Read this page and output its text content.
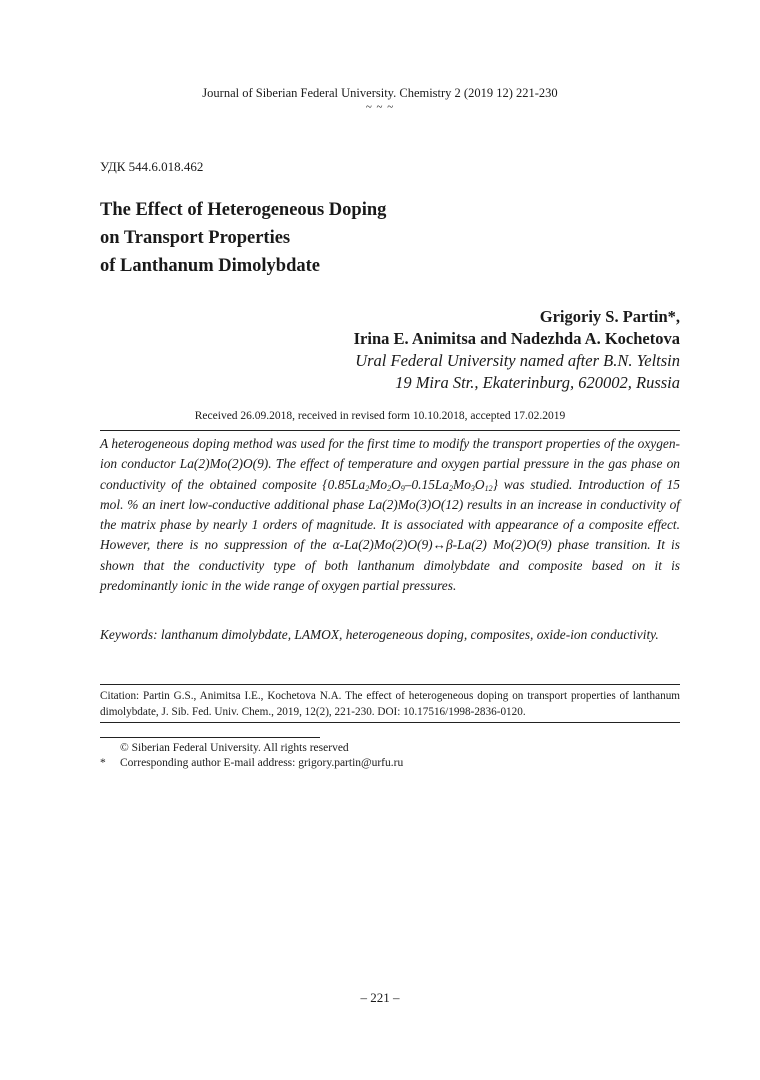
Journal of Siberian Federal University. Chemistry 2 (2019 12) 221-230
~ ~ ~
УДК 544.6.018.462
The Effect of Heterogeneous Doping
on Transport Properties
of Lanthanum Dimolybdate
Grigoriy S. Partin*,
Irina E. Animitsa and Nadezhda A. Kochetova
Ural Federal University named after B.N. Yeltsin
19 Mira Str., Ekaterinburg, 620002, Russia
Received 26.09.2018, received in revised form 10.10.2018, accepted 17.02.2019
A heterogeneous doping method was used for the first time to modify the transport properties of the oxygen-ion conductor La(2)Mo(2)O(9). The effect of temperature and oxygen partial pressure in the gas phase on conductivity of the obtained composite $\{0.85La_2Mo_2O_9-0.15La_2Mo_3O_{12}\}$ was studied. Introduction of 15 mol. % an inert low-conductive additional phase La(2)Mo(3)O(12) results in an increase in conductivity of the matrix phase by nearly 1 orders of magnitude. It is associated with appearance of a composite effect. However, there is no suppression of the α-La(2)Mo(2)O(9)↔β-La(2) Mo(2)O(9) phase transition. It is shown that the conductivity type of both lanthanum dimolybdate and composite based on it is predominantly ionic in the wide range of oxygen partial pressures.
Keywords: lanthanum dimolybdate, LAMOX, heterogeneous doping, composites, oxide-ion conductivity.
Citation: Partin G.S., Animitsa I.E., Kochetova N.A. The effect of heterogeneous doping on transport properties of lanthanum dimolybdate, J. Sib. Fed. Univ. Chem., 2019, 12(2), 221-230. DOI: 10.17516/1998-2836-0120.
© Siberian Federal University. All rights reserved
* Corresponding author E-mail address: grigory.partin@urfu.ru
– 221 –
